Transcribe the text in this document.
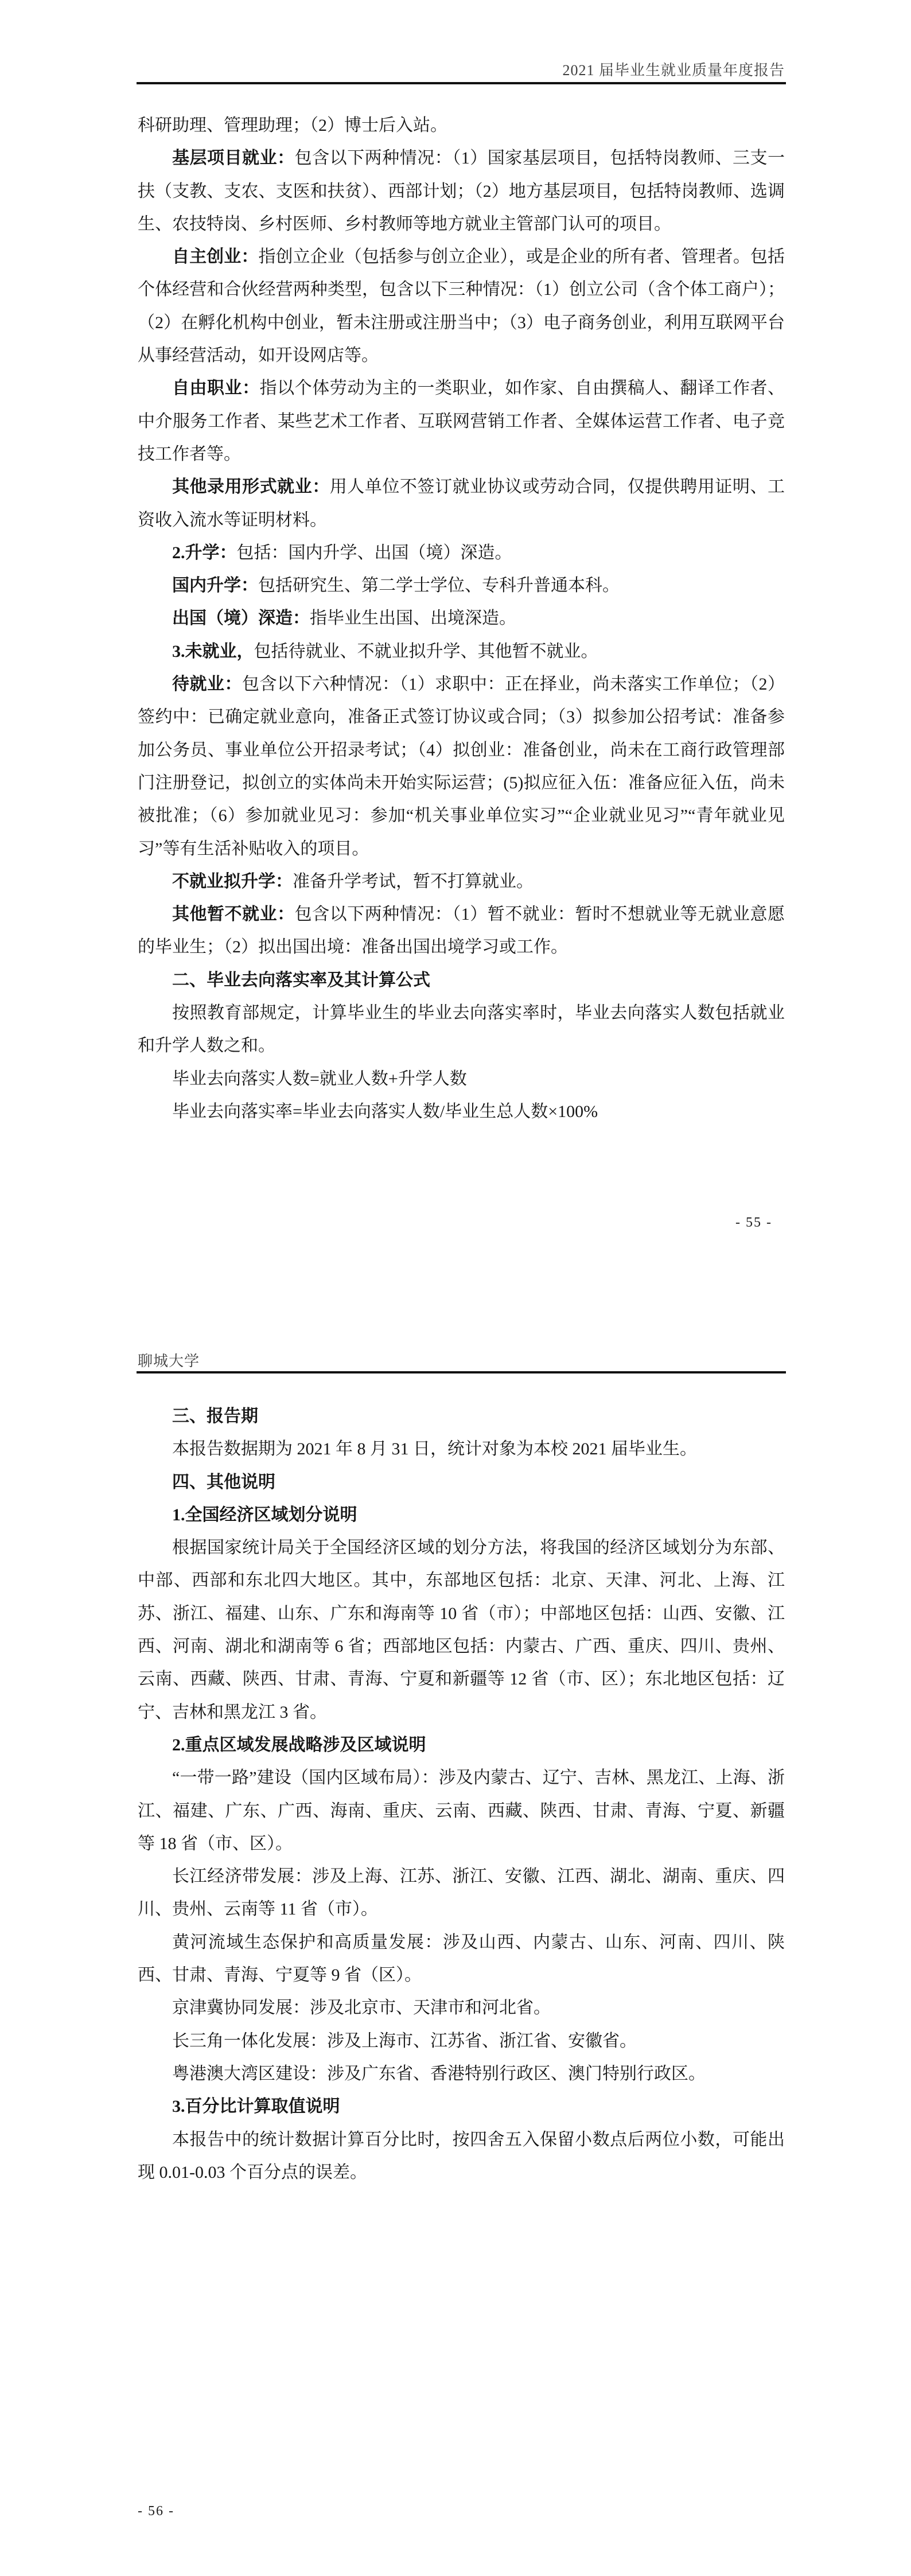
2021 届毕业生就业质量年度报告

科研助理、管理助理；（2）博士后入站。

基层项目就业：包含以下两种情况：（1）国家基层项目，包括特岗教师、三支一扶（支教、支农、支医和扶贫）、西部计划；（2）地方基层项目，包括特岗教师、选调生、农技特岗、乡村医师、乡村教师等地方就业主管部门认可的项目。

自主创业：指创立企业（包括参与创立企业），或是企业的所有者、管理者。包括个体经营和合伙经营两种类型，包含以下三种情况：（1）创立公司（含个体工商户）；（2）在孵化机构中创业，暂未注册或注册当中；（3）电子商务创业，利用互联网平台从事经营活动，如开设网店等。

自由职业：指以个体劳动为主的一类职业，如作家、自由撰稿人、翻译工作者、中介服务工作者、某些艺术工作者、互联网营销工作者、全媒体运营工作者、电子竞技工作者等。

其他录用形式就业：用人单位不签订就业协议或劳动合同，仅提供聘用证明、工资收入流水等证明材料。

2.升学：包括：国内升学、出国（境）深造。

国内升学：包括研究生、第二学士学位、专科升普通本科。

出国（境）深造：指毕业生出国、出境深造。

3.未就业，包括待就业、不就业拟升学、其他暂不就业。

待就业：包含以下六种情况：（1）求职中：正在择业，尚未落实工作单位；（2）签约中：已确定就业意向，准备正式签订协议或合同；（3）拟参加公招考试：准备参加公务员、事业单位公开招录考试；（4）拟创业：准备创业，尚未在工商行政管理部门注册登记，拟创立的实体尚未开始实际运营；(5)拟应征入伍：准备应征入伍，尚未被批准；（6）参加就业见习：参加“机关事业单位实习”“企业就业见习”“青年就业见习”等有生活补贴收入的项目。

不就业拟升学：准备升学考试，暂不打算就业。

其他暂不就业：包含以下两种情况：（1）暂不就业：暂时不想就业等无就业意愿的毕业生；（2）拟出国出境：准备出国出境学习或工作。

二、毕业去向落实率及其计算公式

按照教育部规定，计算毕业生的毕业去向落实率时，毕业去向落实人数包括就业和升学人数之和。

毕业去向落实人数=就业人数+升学人数

毕业去向落实率=毕业去向落实人数/毕业生总人数×100%

- 55 -
聊城大学

三、报告期

本报告数据期为 2021 年 8 月 31 日，统计对象为本校 2021 届毕业生。

四、其他说明

1.全国经济区域划分说明

根据国家统计局关于全国经济区域的划分方法，将我国的经济区域划分为东部、中部、西部和东北四大地区。其中，东部地区包括：北京、天津、河北、上海、江苏、浙江、福建、山东、广东和海南等 10 省（市）；中部地区包括：山西、安徽、江西、河南、湖北和湖南等 6 省；西部地区包括：内蒙古、广西、重庆、四川、贵州、云南、西藏、陕西、甘肃、青海、宁夏和新疆等 12 省（市、区）；东北地区包括：辽宁、吉林和黑龙江 3 省。

2.重点区域发展战略涉及区域说明

“一带一路”建设（国内区域布局）：涉及内蒙古、辽宁、吉林、黑龙江、上海、浙江、福建、广东、广西、海南、重庆、云南、西藏、陕西、甘肃、青海、宁夏、新疆等 18 省（市、区）。

长江经济带发展：涉及上海、江苏、浙江、安徽、江西、湖北、湖南、重庆、四川、贵州、云南等 11 省（市）。

黄河流域生态保护和高质量发展：涉及山西、内蒙古、山东、河南、四川、陕西、甘肃、青海、宁夏等 9 省（区）。

京津冀协同发展：涉及北京市、天津市和河北省。

长三角一体化发展：涉及上海市、江苏省、浙江省、安徽省。

粤港澳大湾区建设：涉及广东省、香港特别行政区、澳门特别行政区。

3.百分比计算取值说明

本报告中的统计数据计算百分比时，按四舍五入保留小数点后两位小数，可能出现 0.01-0.03 个百分点的误差。

- 56 -
